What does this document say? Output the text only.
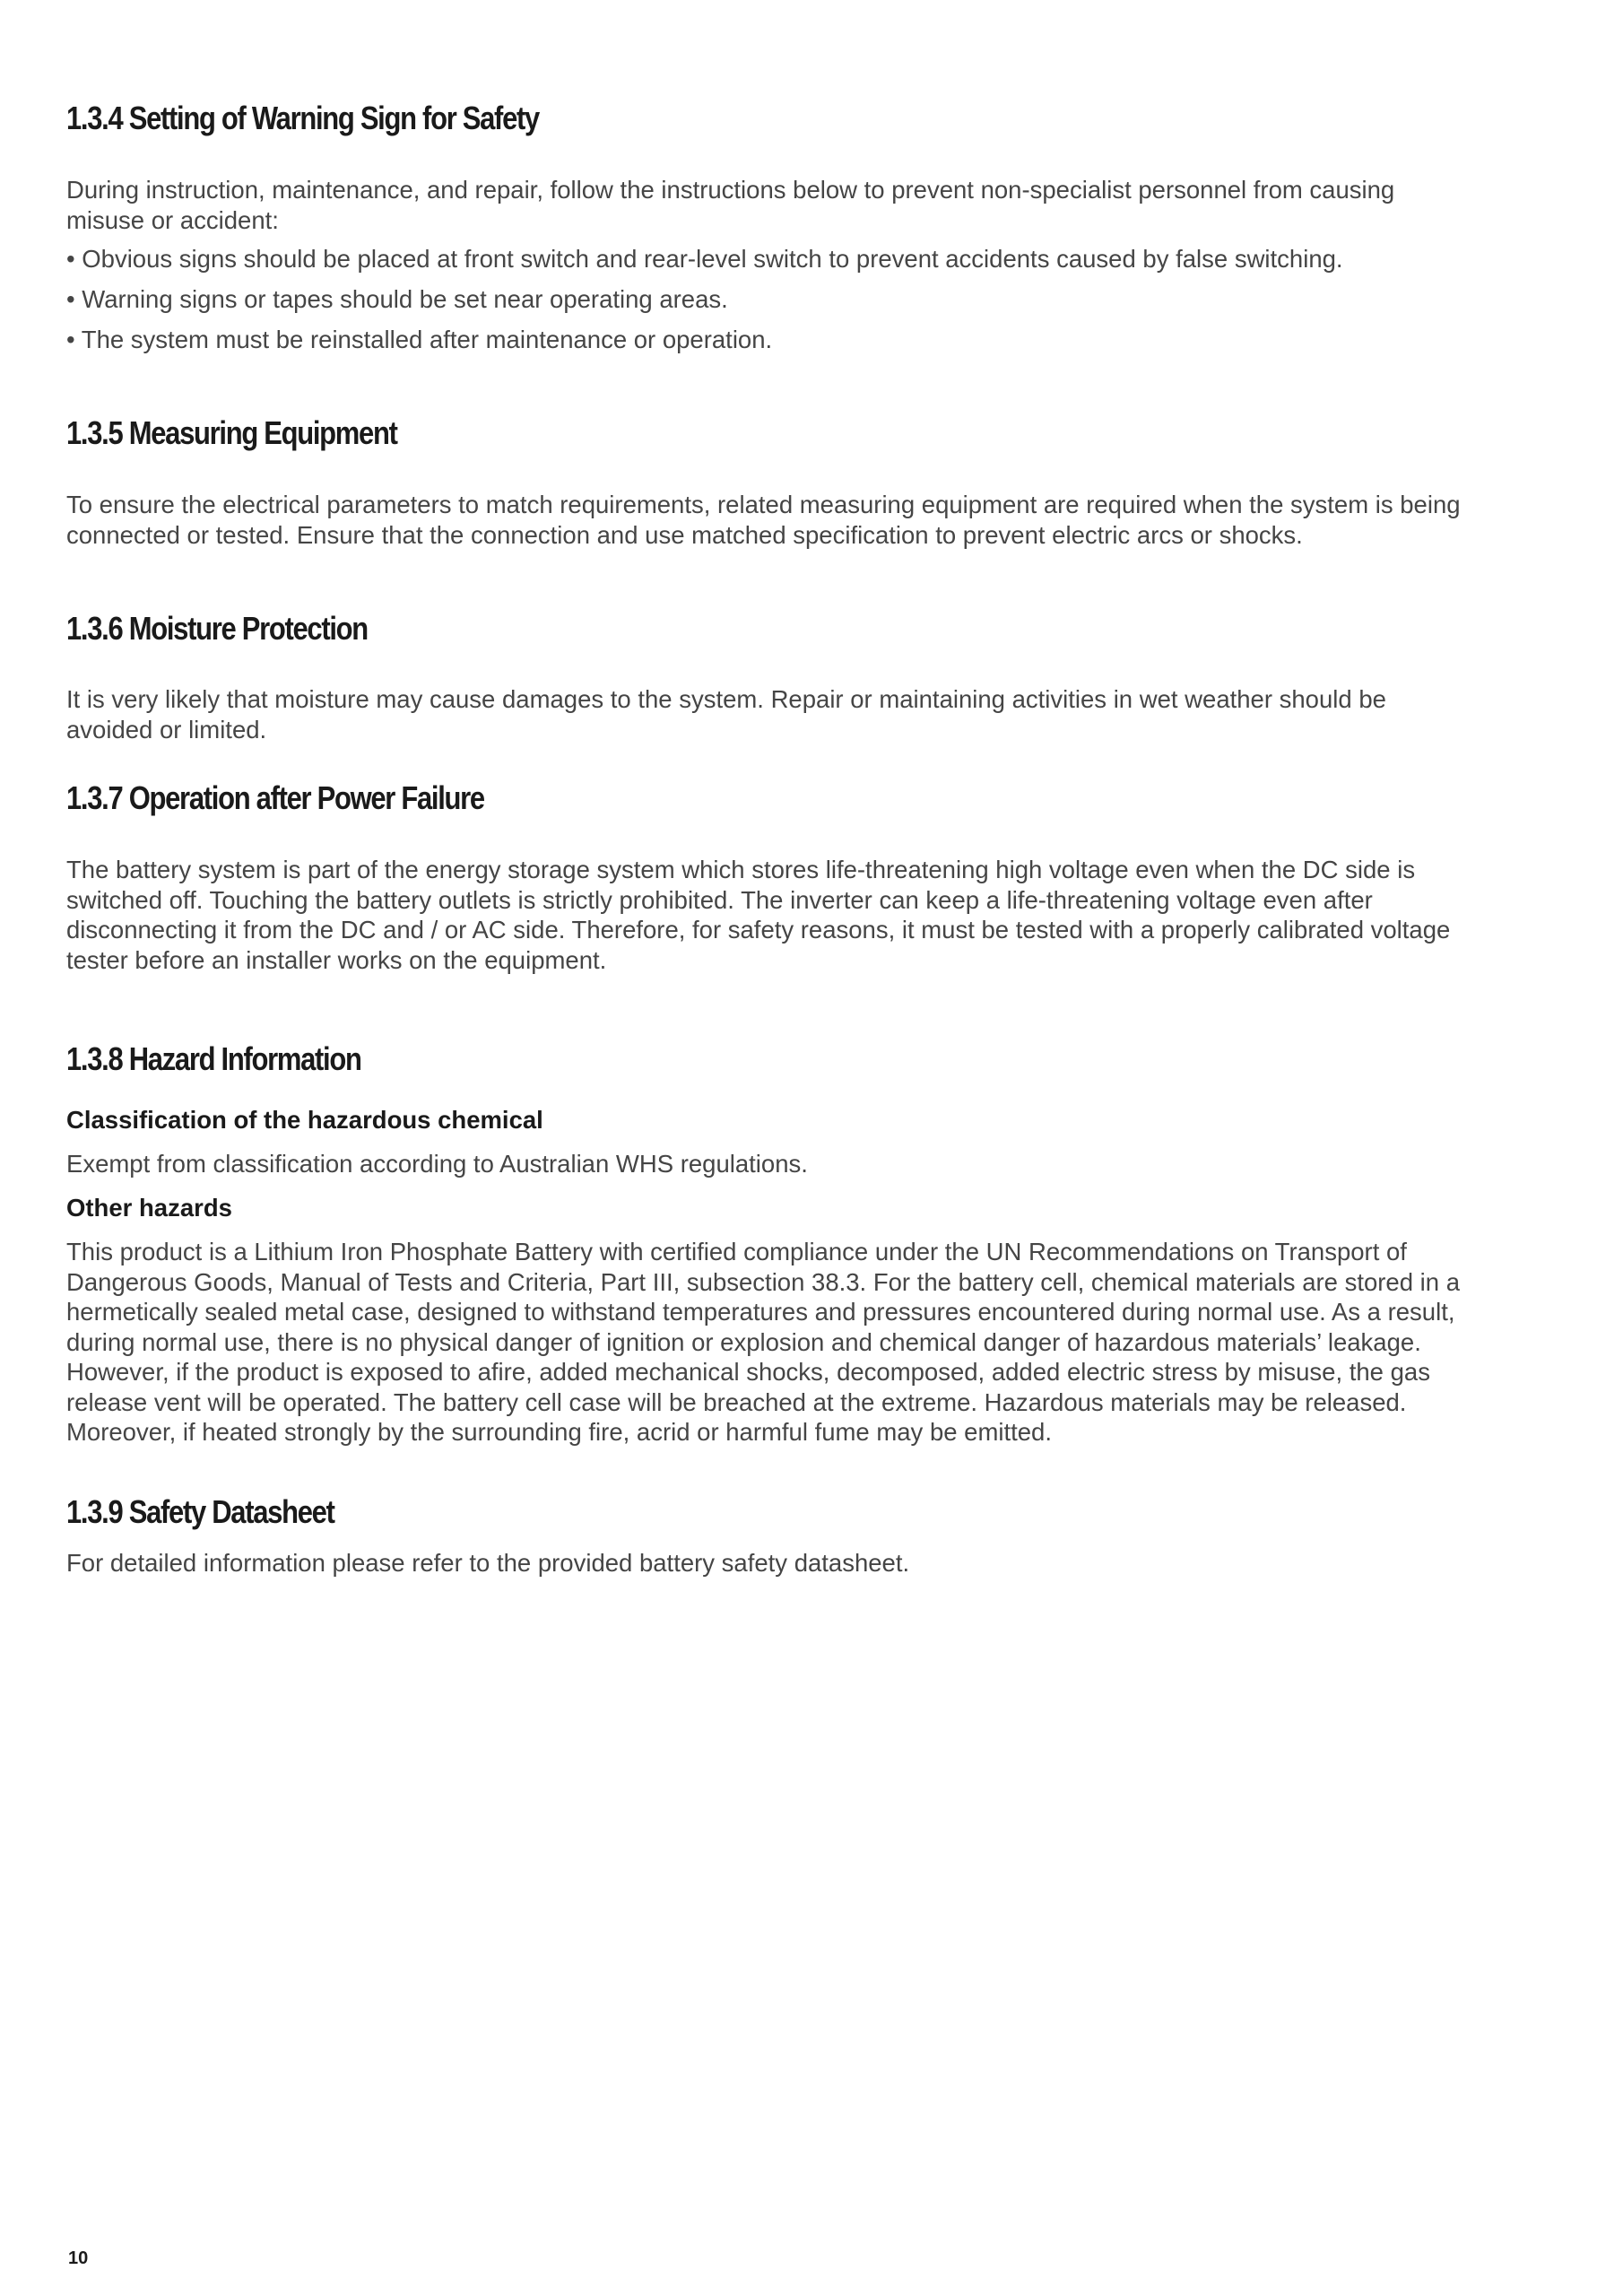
1.3.4 Setting of Warning Sign for Safety

During instruction, maintenance, and repair, follow the instructions below to prevent non-specialist personnel from causing misuse or accident:

• Obvious signs should be placed at front switch and rear-level switch to prevent accidents caused by false switching.

• Warning signs or tapes should be set near operating areas.

• The system must be reinstalled after maintenance or operation.

1.3.5 Measuring Equipment

To ensure the electrical parameters to match requirements, related measuring equipment are required when the system is being connected or tested. Ensure that the connection and use matched specification to prevent electric arcs or shocks.

1.3.6 Moisture Protection

It is very likely that moisture may cause damages to the system. Repair or maintaining activities in wet weather should be avoided or limited.

1.3.7 Operation after Power Failure

The battery system is part of the energy storage system which stores life-threatening high voltage even when the DC side is switched off. Touching the battery outlets is strictly prohibited. The inverter can keep a life-threatening voltage even after disconnecting it from the DC and / or AC side. Therefore, for safety reasons, it must be tested with a properly calibrated voltage tester before an installer works on the equipment.

1.3.8 Hazard Information

Classification of the hazardous chemical

Exempt from classification according to Australian WHS regulations.

Other hazards

This product is a Lithium Iron Phosphate Battery with certified compliance under the UN Recommendations on Transport of Dangerous Goods, Manual of Tests and Criteria, Part III, subsection 38.3. For the battery cell, chemical materials are stored in a hermetically sealed metal case, designed to withstand temperatures and pressures encountered during normal use. As a result, during normal use, there is no physical danger of ignition or explosion and chemical danger of hazardous materials’ leakage. However, if the product is exposed to afire, added mechanical shocks, decomposed, added electric stress by misuse, the gas release vent will be operated. The battery cell case will be breached at the extreme. Hazardous materials may be released. Moreover, if heated strongly by the surrounding fire, acrid or harmful fume may be emitted.

1.3.9 Safety Datasheet

For detailed information please refer to the provided battery safety datasheet.

10
